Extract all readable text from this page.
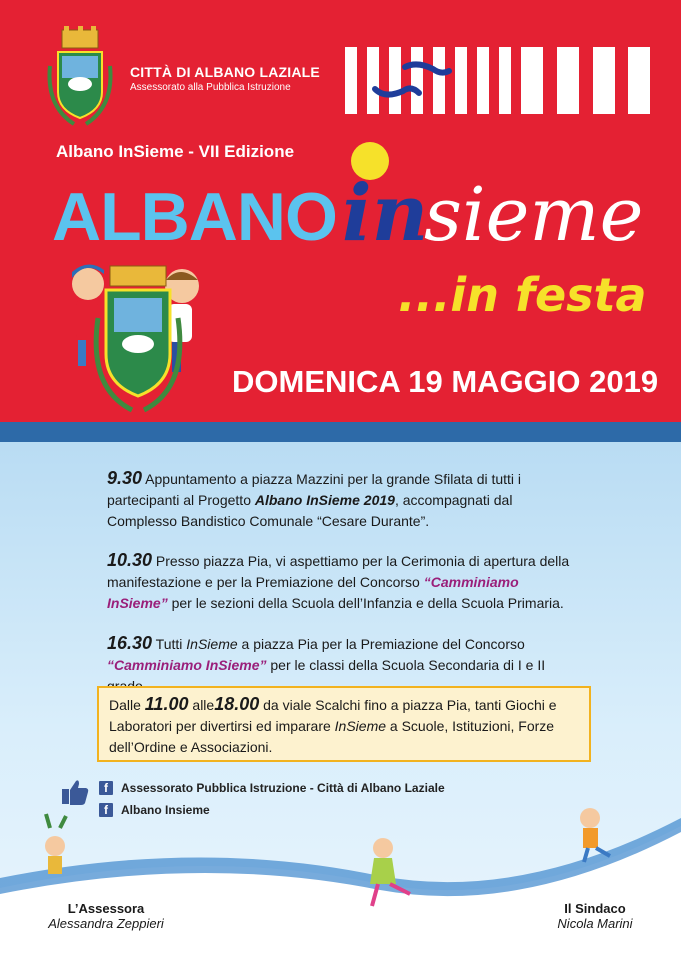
CITTÀ DI ALBANO LAZIALE
Assessorato alla Pubblica Istruzione
Albano InSieme - VII Edizione
ALBANO in
sieme
...in festa
DOMENICA 19 MAGGIO 2019
9.30 Appuntamento a piazza Mazzini per la grande Sfilata di tutti i partecipanti al Progetto Albano InSieme 2019, accompagnati dal Complesso Bandistico Comunale “Cesare Durante”.
10.30 Presso piazza Pia, vi aspettiamo per la Cerimonia di apertura della manifestazione e per la Premiazione del Concorso “Camminiamo InSieme” per le sezioni della Scuola dell’Infanzia e della Scuola Primaria.
16.30 Tutti InSieme a piazza Pia per la Premiazione del Concorso “Camminiamo InSieme” per le classi della Scuola Secondaria di I e II
Dalle 11.00 alle18.00 da viale Scalchi fino a piazza Pia, tanti Giochi e Laboratori per divertirsi ed imparare InSieme a Scuole, Istituzioni, Forze dell’Ordine e Associazioni.
f	Assessorato Pubblica Istruzione - Città di Albano Laziale
f	Albano Insieme
L’Assessora
Alessandra Zeppieri
Il Sindaco
Nicola Marini
